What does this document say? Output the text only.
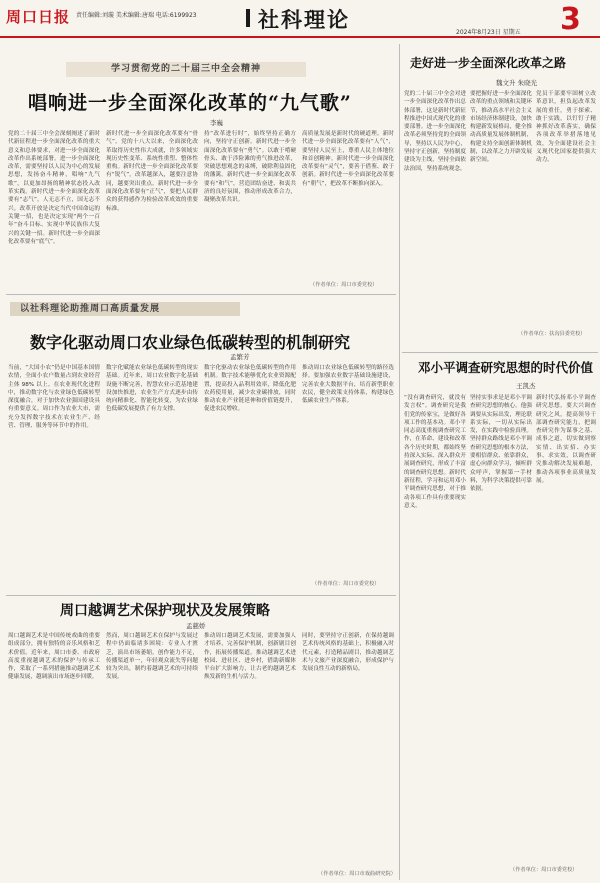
周口日报 责任编辑:刘璇 美术编辑:唐瑞 电话:6199923	社科理论
2024年8月23日 星期五 3
学习贯彻党的二十届三中全会精神
唱响进一步全面深化改革的“九气歌”
李巍
党的二十届三中全会深刻阐述了新时代新征程进一步全面深化改革的重大意义和总体要求，对进一步全面深化改革作出系统部署。进一步全面深化改革，需要坚持以人民为中心的发展思想，发扬奋斗精神，唱响“九气歌”，以更加昂扬的精神状态投入改革实践。新时代进一步全面深化改革要有“志气”。人无志不立，国无志不兴。改革开放是决定当代中国命运的关键一招，也是决定实现“两个一百年”奋斗目标、实现中华民族伟大复兴的关键一招。新时代进一步全面深化改革要有“底气”。
新时代进一步全面深化改革要有“骨气”。党的十八大以来，全面深化改革取得历史性伟大成就，许多领域实现历史性变革、系统性重塑、整体性重构。新时代进一步全面深化改革要有“锐气”。改革越深入，越要注意协同，越要突出重点。新时代进一步全面深化改革要有“正气”，要把人民群众的获得感作为检验改革成效的重要标准。
持“改革进行时”，始终坚持正确方向，坚持守正创新。新时代进一步全面深化改革要有“勇气”。以敢于啃硬骨头、敢于涉险滩的勇气推进改革，突破思想观念的束缚，破除利益固化的藩篱。新时代进一步全面深化改革要有“和气”，营造团结奋进、和衷共济的良好氛围，推动形成改革合力，凝聚改革共识。
高质量发展是新时代的硬道理。新时代进一步全面深化改革要有“人气”，要坚持人民至上，尊重人民主体地位和首创精神。新时代进一步全面深化改革要有“灵气”，要善于借鉴、敢于创新。新时代进一步全面深化改革要有“朝气”，把改革不断推向深入。
（作者单位：周口市委党校）
走好进一步全面深化改革之路
魏文升 朱晓光
党的二十届三中全会对进一步全面深化改革作出总体部署，这是新时代新征程推进中国式现代化的重要部署。进一步全面深化改革必须坚持党的全面领导，坚持以人民为中心，坚持守正创新，坚持制度建设为主线，坚持全面依法治国，坚持系统观念。
要把握好进一步全面深化改革的重点领域和关键环节，推动高水平社会主义市场经济体制建设，加快构建新发展格局，健全推动高质量发展体制机制，构建支持全面创新体制机制，以改革之力开辟发展新空间。
党员干部要牢固树立改革意识，担负起改革发展的重任，勇于探索、敢于实践，以钉钉子精神抓好改革落实，确保各项改革举措落地见效，为全面建设社会主义现代化国家提供强大动力。
（作者单位：扶沟县委党校）
邓小平调查研究思想的时代价值
王凯杰
“没有调查研究，就没有发言权”。调查研究是我们党的传家宝，是做好各项工作的基本功。邓小平同志高度重视调查研究工作，在革命、建设和改革各个历史时期，都始终坚持深入实际、深入群众开展调查研究，形成了丰富的调查研究思想。新时代新征程，学习和运用邓小平调查研究思想，对于推动各项工作具有重要现实意义。
坚持实事求是是邓小平调查研究思想的核心。他强调要从实际出发，理论联系实际，一切从实际出发，在实践中检验真理。坚持群众路线是邓小平调查研究思想的根本方法，要相信群众、依靠群众，虚心向群众学习，倾听群众呼声，掌握第一手材料，为科学决策提供可靠依据。
新时代弘扬邓小平调查研究思想，要大兴调查研究之风，提高领导干部调查研究能力，把调查研究作为谋事之基、成事之道，切实做到察实情、出实招、办实事、求实效，以调查研究推动解决发展难题，推动各项事业高质量发展。
（作者单位：周口市委党校）
以社科理论助推周口高质量发展
数字化驱动周口农业绿色低碳转型的机制研究
孟繁芳
当前，“大国小农”仍是中国基本国情农情，全面小农户数量占到农业经营主体 98% 以上。在农业现代化进程中，推动数字化与农业绿色低碳转型深度融合，对于加快农业强国建设具有重要意义。周口作为农业大市，需充分发挥数字技术在农业生产、经营、管理、服务等环节中的作用。
数字化赋能农业绿色低碳转型的现实基础。近年来，周口农业数字化基础设施不断完善，智慧农业示范基地建设加快推进，农业生产方式逐步由传统向精准化、智能化转变，为农业绿色低碳发展提供了有力支撑。
数字化驱动农业绿色低碳转型的作用机制。数字技术能够优化农业资源配置，提高投入品利用效率，降低化肥农药使用量，减少农业碳排放，同时推动农业产业链延伸和价值链提升，促进农民增收。
推动周口农业绿色低碳转型的路径选择。要加强农业数字基础设施建设，完善农业大数据平台，培育新型职业农民，健全政策支持体系，构建绿色低碳农业生产体系。
（作者单位：周口市委党校）
周口越调艺术保护现状及发展策略
孟慈娇
周口越调艺术是中国传统戏曲的重要组成部分，拥有独特的音乐风格和艺术价值。近年来，周口市委、市政府高度重视越调艺术的保护与传承工作，采取了一系列措施推动越调艺术健康发展，越调演出市场逐步回暖。
然而，周口越调艺术在保护与发展过程中仍面临诸多困境：专业人才匮乏，演出市场萎缩，创作能力不足，传播渠道单一，年轻观众流失等问题较为突出，制约着越调艺术的可持续发展。
推动周口越调艺术发展，需要加强人才培养，完善保护机制，创新剧目创作，拓展传播渠道，推动越调艺术进校园、进社区、进乡村，借助新媒体平台扩大影响力，让古老的越调艺术焕发新的生机与活力。
同时，要坚持守正创新，在保持越调艺术传统风格的基础上，积极融入时代元素，打造精品剧目，推动越调艺术与文旅产业深度融合，形成保护与发展良性互动的新格局。
（作者单位：周口市戏曲研究院）
